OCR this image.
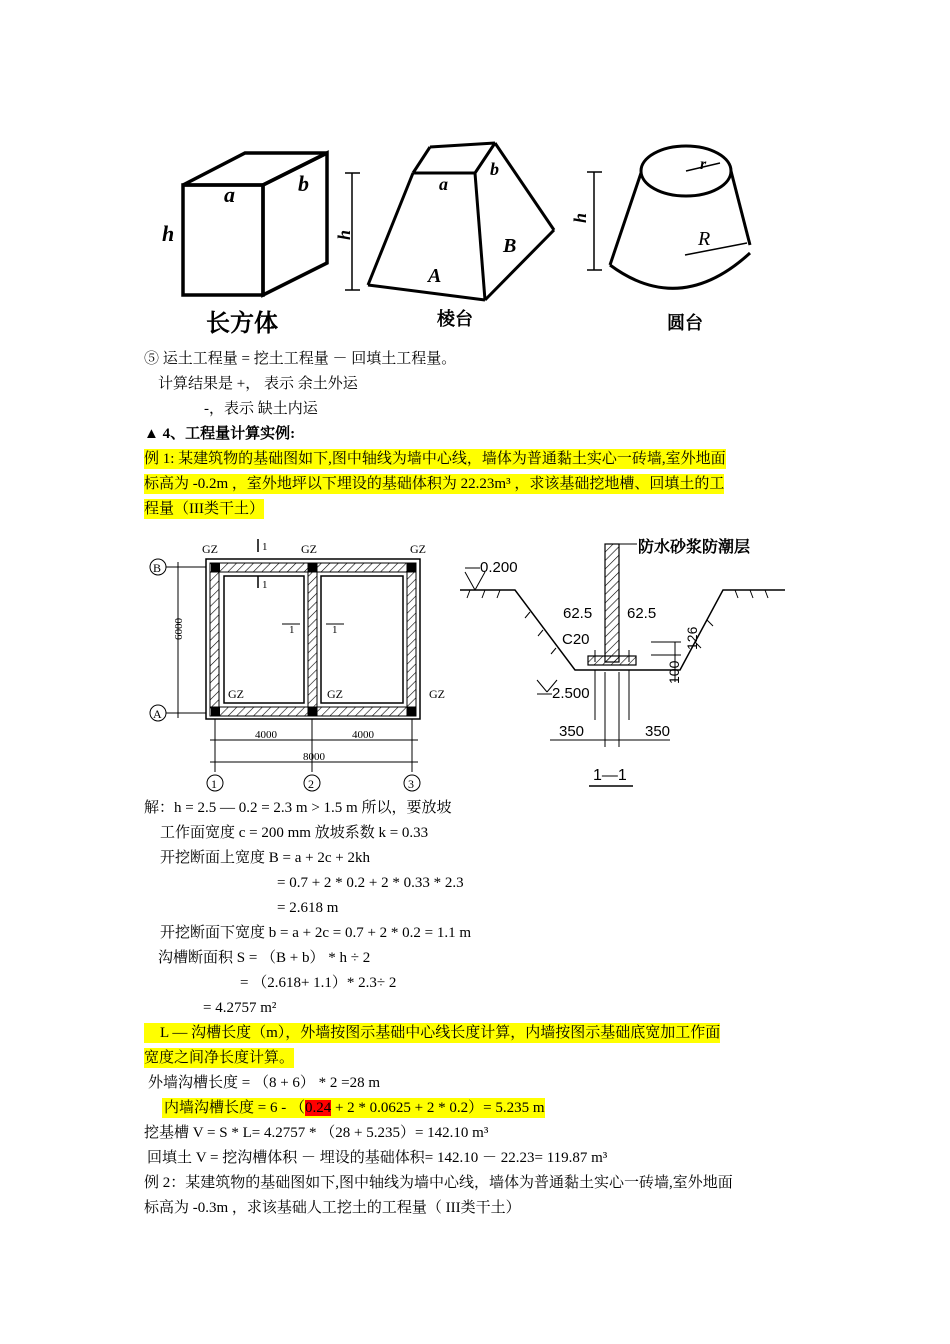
a	b
h
长方体
h
a
b
A
B
棱台
r
R
h
圆台
⑤ 运土工程量 = 挖土工程量 － 回填土工程量。
计算结果是 +， 表示 余土外运
-，表示 缺土内运
▲ 4、工程量计算实例:
例 1: 某建筑物的基础图如下,图中轴线为墙中心线，墙体为普通黏土实心一砖墙,室外地面
标高为 -0.2m ，室外地坪以下埋设的基础体积为 22.23m³ ，求该基础挖地槽、回填土的工
程量（III类干土）
GZ	GZ	GZ
GZ	GZ	GZ
1
1
1	1
B
A
6000
4000	4000
8000
1	2	3
防水砂浆防潮层
—0.200
—2.500
62.5 62.5
C20	126
100
350	350
1—1
解：h = 2.5 — 0.2 = 2.3 m > 1.5 m 所以，要放坡
工作面宽度 c = 200 mm 放坡系数 k = 0.33
开挖断面上宽度 B = a + 2c + 2kh
= 0.7 + 2 * 0.2 + 2 * 0.33 * 2.3
= 2.618 m
开挖断面下宽度 b = a + 2c = 0.7 + 2 * 0.2 = 1.1 m
沟槽断面积 S = （B + b） * h ÷ 2
= （2.618+ 1.1）* 2.3÷ 2
= 4.2757 m²
L — 沟槽长度（m），外墙按图示基础中心线长度计算，内墙按图示基础底宽加工作面
宽度之间净长度计算。
外墙沟槽长度 = （8 + 6） * 2 =28 m
内墙沟槽长度 = 6 - （0.24 + 2 * 0.0625 + 2 * 0.2）= 5.235 m
挖基槽 V = S * L= 4.2757 * （28 + 5.235）= 142.10 m³
回填土 V = 挖沟槽体积 － 埋设的基础体积= 142.10 － 22.23= 119.87 m³
例 2：某建筑物的基础图如下,图中轴线为墙中心线，墙体为普通黏土实心一砖墙,室外地面
标高为 -0.3m ，求该基础人工挖土的工程量（ III类干土）
